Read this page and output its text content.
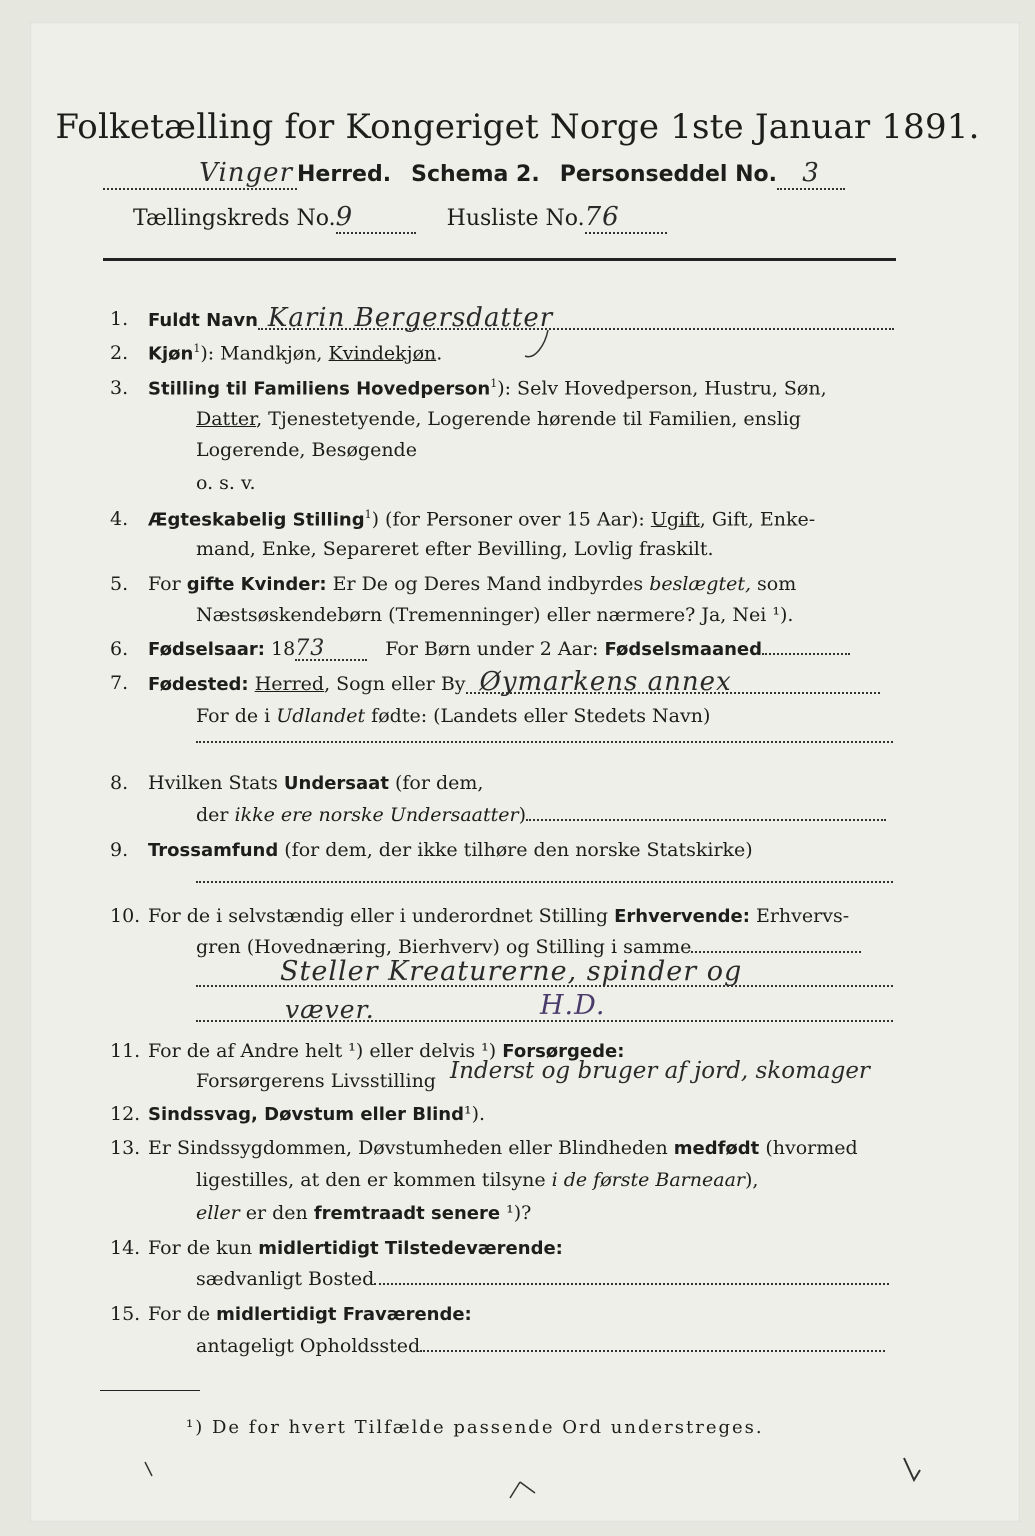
Folketælling for Kongeriget Norge 1ste Januar 1891.
Vinger Herred. Schema 2. Personseddel No. 3
Tællingskreds No.9	Husliste No.76
1. Fuldt Navn Karin Bergersdatter
2. Kjøn$^1$): Mandkjøn, Kvindekjøn.
3. Stilling til Familiens Hovedperson$^1$): Selv Hovedperson, Hustru, Søn,
Datter, Tjenestetyende, Logerende hørende til Familien, enslig
Logerende, Besøgende
o. s. v.
4. Ægteskabelig Stilling$^1$) (for Personer over 15 Aar): Ugift, Gift, Enke-
mand, Enke, Separeret efter Bevilling, Lovlig fraskilt.
5. For gifte Kvinder: Er De og Deres Mand indbyrdes beslægtet, som
Næstsøskendebørn (Tremenninger) eller nærmere? Ja, Nei ¹).
6. Fødselsaar: 1873	For Børn under 2 Aar: Fødselsmaaned
7. Fødested: Herred, Sogn eller By Øymarkens annex
For de i Udlandet fødte: (Landets eller Stedets Navn)
8. Hvilken Stats Undersaat (for dem,
der ikke ere norske Undersaatter)
9. Trossamfund (for dem, der ikke tilhøre den norske Statskirke)
10. For de i selvstændig eller i underordnet Stilling Erhvervende: Erhvervs-
gren (Hovednæring, Bierhverv) og Stilling i samme
Steller Kreaturerne, spinder og
væver.	H.D.
11. For de af Andre helt ¹) eller delvis ¹) Forsørgede:
Forsørgerens Livsstilling Inderst og bruger af jord, skomager
12. Sindssvag, Døvstum eller Blind¹).
13. Er Sindssygdommen, Døvstumheden eller Blindheden medfødt (hvormed
ligestilles, at den er kommen tilsyne i de første Barneaar),
eller er den fremtraadt senere ¹)?
14. For de kun midlertidigt Tilstedeværende:
sædvanligt Bosted
15. For de midlertidigt Fraværende:
antageligt Opholdssted
¹) De for hvert Tilfælde passende Ord understreges.
